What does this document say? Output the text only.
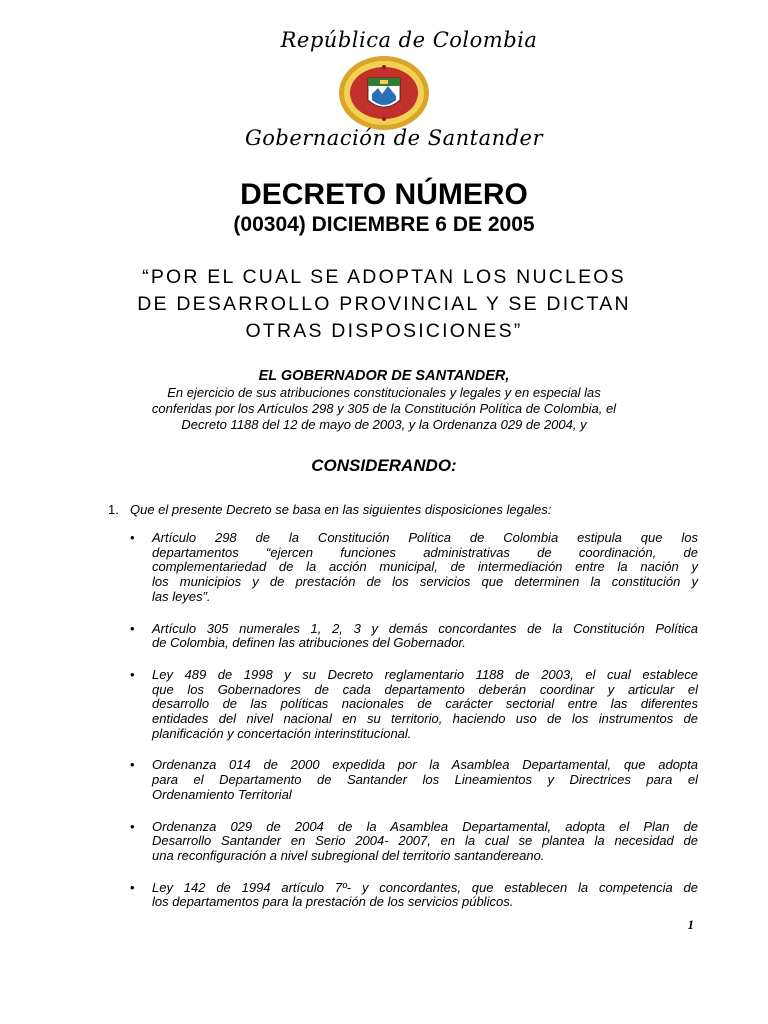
República de Colombia
Gobernación de Santander
DECRETO NÚMERO
(00304) DICIEMBRE 6 DE 2005
“POR EL CUAL SE ADOPTAN LOS NUCLEOS
DE DESARROLLO PROVINCIAL Y SE DICTAN
OTRAS DISPOSICIONES”
EL GOBERNADOR DE SANTANDER,
En ejercicio de sus atribuciones constitucionales y legales y en especial las
conferidas por los Artículos 298 y 305 de la Constitución Política de Colombia, el
Decreto 1188 del 12 de mayo de 2003, y la Ordenanza 029 de 2004, y
CONSIDERANDO:
1. Que el presente Decreto se basa en las siguientes disposiciones legales:
• Artículo 298 de la Constitución Política de Colombia estipula que los
departamentos “ejercen funciones administrativas de coordinación, de
complementariedad de la acción municipal, de intermediación entre la nación y
los municipios y de prestación de los servicios que determinen la constitución y
las leyes”.
• Artículo 305 numerales 1, 2, 3 y demás concordantes de la Constitución Política
de Colombia, definen las atribuciones del Gobernador.
• Ley 489 de 1998 y su Decreto reglamentario 1188 de 2003, el cual establece
que los Gobernadores de cada departamento deberán coordinar y articular el
desarrollo de las políticas nacionales de carácter sectorial entre las diferentes
entidades del nivel nacional en su territorio, haciendo uso de los instrumentos de
planificación y concertación interinstitucional.
• Ordenanza 014 de 2000 expedida por la Asamblea Departamental, que adopta
para el Departamento de Santander los Lineamientos y Directrices para el
Ordenamiento Territorial
• Ordenanza 029 de 2004 de la Asamblea Departamental, adopta el Plan de
Desarrollo Santander en Serio 2004- 2007, en la cual se plantea la necesidad de
una reconfiguración a nivel subregional del territorio santandereano.
• Ley 142 de 1994 artículo 7º- y concordantes, que establecen la competencia de
los departamentos para la prestación de los servicios públicos.
1
